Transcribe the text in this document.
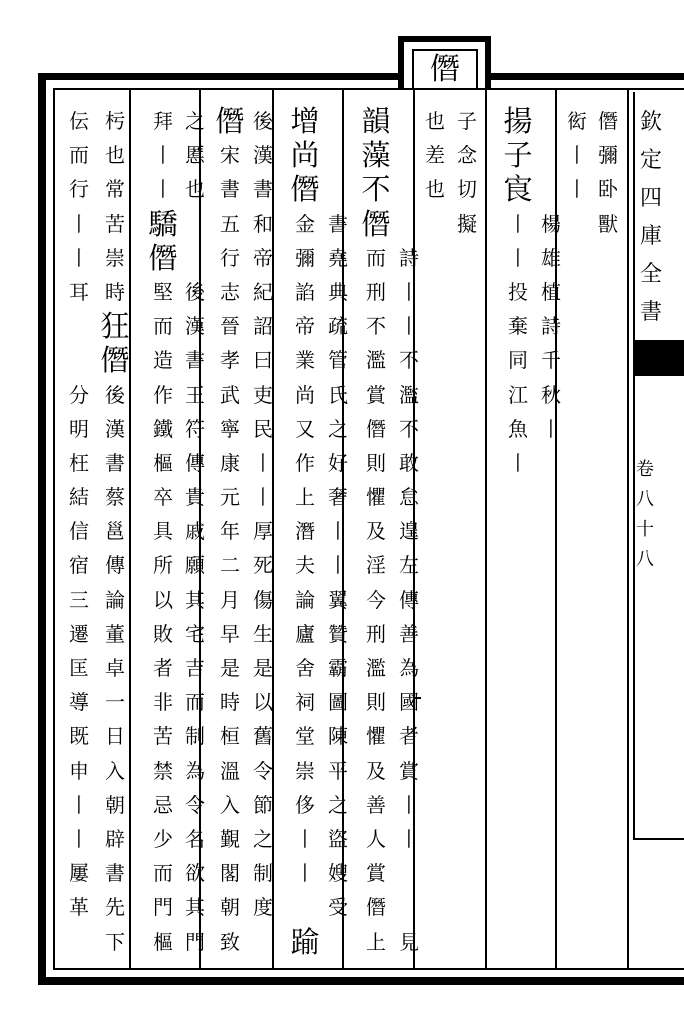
僭
揚
子
㝗
丨
丨
投
棄
同
江
魚
丨
楊
雄
植
詩
千
秋
丨
子
念
切
擬
也
差
也
韻
藻
不
僭
而
刑
不
濫
賞
僭
則
懼
及
淫
今
刑
濫
則
懼
及
善
人
賞
僭
上
詩
丨
丨
不
濫
不
敢
怠
遑
左
傳
善
為
國
者
賞
丨
丨
見
增
尚
僭
金
彌
諂
帝
業
尚
又
作
上
潛
夫
論
廬
舍
祠
堂
崇
侈
丨
丨
踰
書
堯
典
疏
管
氏
之
好
奢
丨
丨
翼
贊
霸
圖
陳
平
之
盜
嫂
受
僭
宋
書
五
行
志
晉
孝
武
寧
康
元
年
二
月
早
是
時
桓
溫
入
覲
閣
朝
致
後
漢
書
和
帝
紀
詔
曰
吏
民
丨
丨
厚
死
傷
生
是
以
舊
令
節
之
制
度
拜
丨
丨
驕
僭
堅
而
造
作
鐵
樞
卒
具
所
以
敗
者
非
苦
禁
忌
少
而
門
樞
之
慝
也
後
漢
書
王
符
傳
貴
戚
願
其
宅
吉
而
制
為
令
名
欲
其
門
杇
也
常
苦
崇
時
狂
僭
後
漢
書
蔡
邕
傳
論
董
卓
一
日
入
朝
辟
書
先
下
伝
而
行
丨
丨
耳
分
明
枉
結
信
宿
三
遷
匡
導
既
申
丨
丨
屢
革
僭
彌
卧
獸
衒
丨
丨
欽
定
四
庫
全
書
卷
八
十
八
